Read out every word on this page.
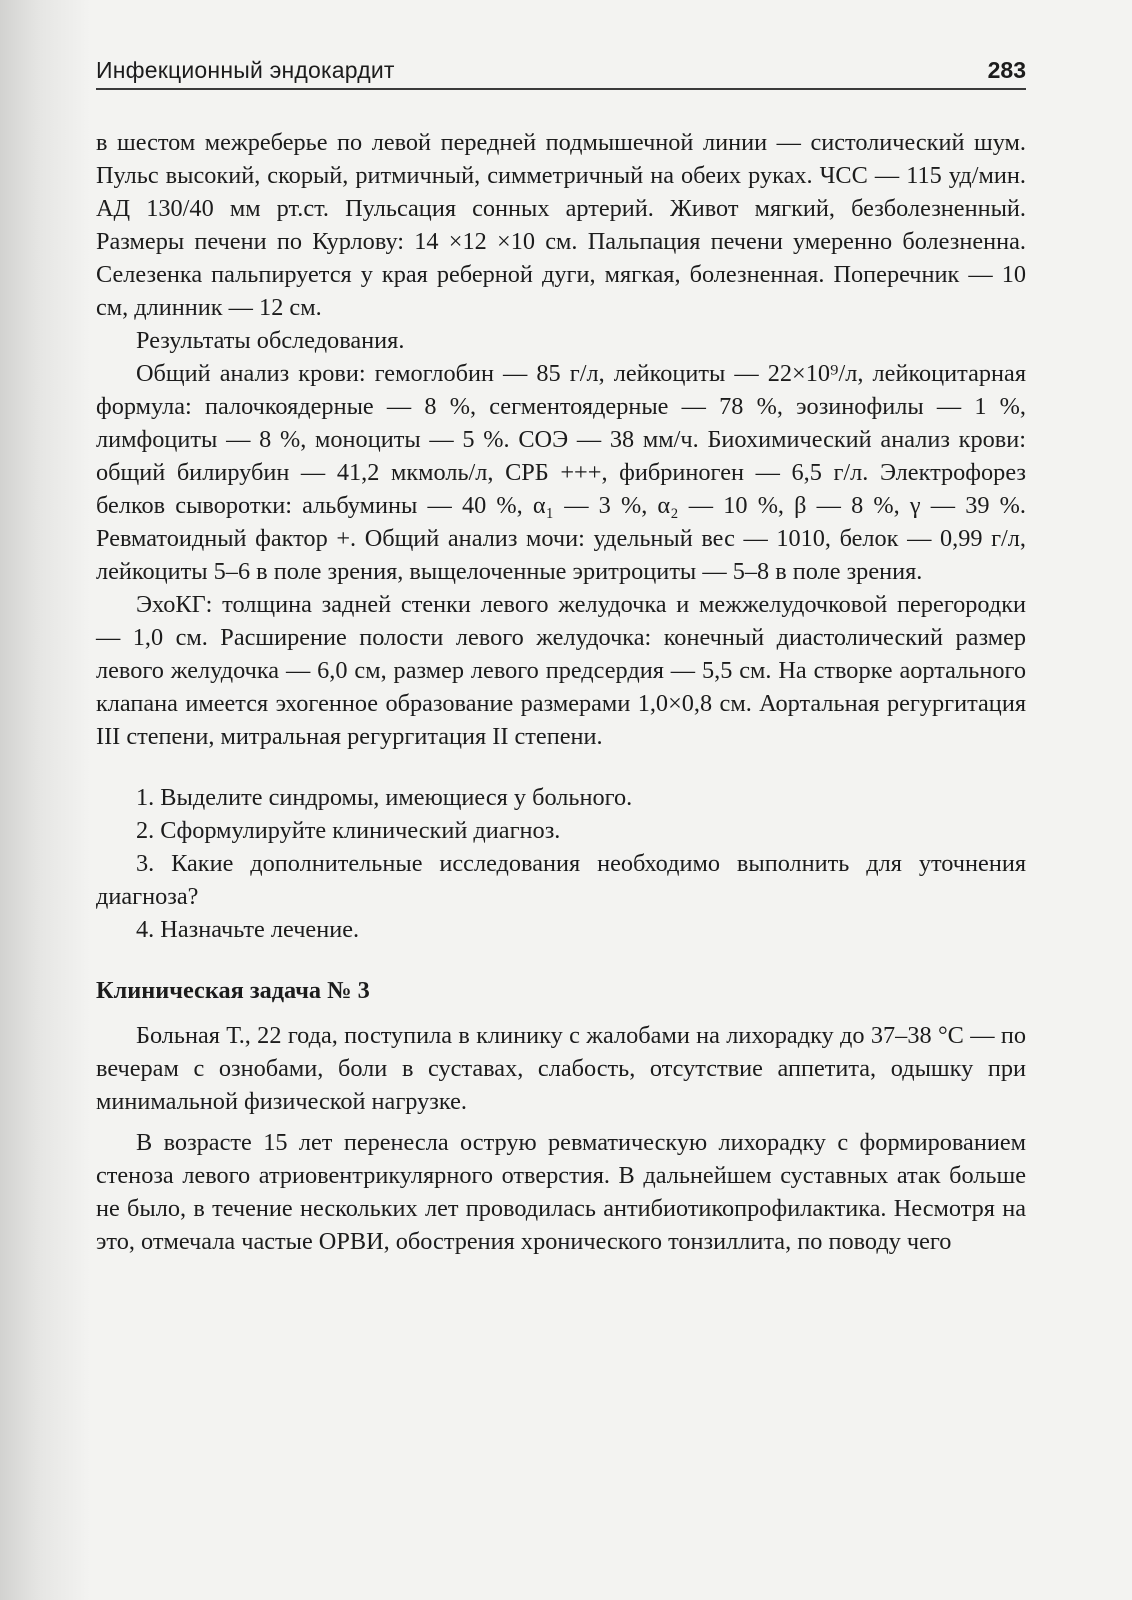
Инфекционный эндокардит	283

в шестом межреберье по левой передней подмышечной линии — систолический шум. Пульс высокий, скорый, ритмичный, симметричный на обеих руках. ЧСС — 115 уд/мин. АД 130/40 мм рт.ст. Пульсация сонных артерий. Живот мягкий, безболезненный. Размеры печени по Курлову: 14 ×12 ×10 см. Пальпация печени умеренно болезненна. Селезенка пальпируется у края реберной дуги, мягкая, болезненная. Поперечник — 10 см, длинник — 12 см.

Результаты обследования.

Общий анализ крови: гемоглобин — 85 г/л, лейкоциты — 22×10⁹/л, лейкоцитарная формула: палочкоядерные — 8 %, сегментоядерные — 78 %, эозинофилы — 1 %, лимфоциты — 8 %, моноциты — 5 %. СОЭ — 38 мм/ч. Биохимический анализ крови: общий билирубин — 41,2 мкмоль/л, СРБ +++, фибриноген — 6,5 г/л. Электрофорез белков сыворотки: альбумины — 40 %, α₁ — 3 %, α₂ — 10 %, β — 8 %, γ — 39 %. Ревматоидный фактор +. Общий анализ мочи: удельный вес — 1010, белок — 0,99 г/л, лейкоциты 5–6 в поле зрения, выщелоченные эритроциты — 5–8 в поле зрения.

ЭхоКГ: толщина задней стенки левого желудочка и межжелудочковой перегородки — 1,0 см. Расширение полости левого желудочка: конечный диастолический размер левого желудочка — 6,0 см, размер левого предсердия — 5,5 см. На створке аортального клапана имеется эхогенное образование размерами 1,0×0,8 см. Аортальная регургитация III степени, митральная регургитация II степени.

1. Выделите синдромы, имеющиеся у больного.

2. Сформулируйте клинический диагноз.

3. Какие дополнительные исследования необходимо выполнить для уточнения диагноза?

4. Назначьте лечение.

Клиническая задача № 3

Больная Т., 22 года, поступила в клинику с жалобами на лихорадку до 37–38 °С — по вечерам с ознобами, боли в суставах, слабость, отсутствие аппетита, одышку при минимальной физической нагрузке.

В возрасте 15 лет перенесла острую ревматическую лихорадку с формированием стеноза левого атриовентрикулярного отверстия. В дальнейшем суставных атак больше не было, в течение нескольких лет проводилась антибиотикопрофилактика. Несмотря на это, отмечала частые ОРВИ, обострения хронического тонзиллита, по поводу чего
